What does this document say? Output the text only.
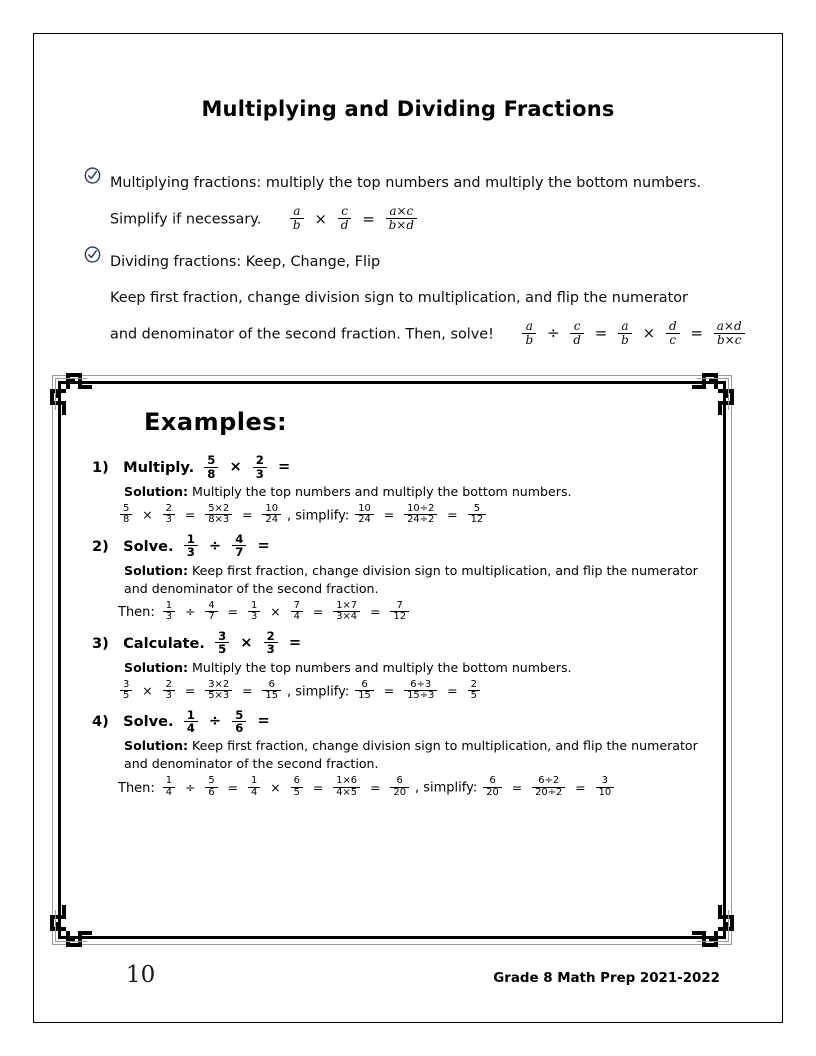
Multiplying and Dividing Fractions
Multiplying fractions: multiply the top numbers and multiply the bottom numbers.
Simplify if necessary. $\frac{a}{b} \times \frac{c}{d} = \frac{a\times c}{b\times d}$
Dividing fractions: Keep, Change, Flip
Keep first fraction, change division sign to multiplication, and flip the numerator
and denominator of the second fraction. Then, solve! $\frac{a}{b} \div \frac{c}{d} = \frac{a}{b} \times \frac{d}{c} = \frac{a\times d}{b\times c}$
Examples:
1) Multiply. $\frac{5}{8} \times \frac{2}{3}$ =
Solution: Multiply the top numbers and multiply the bottom numbers.
$\frac{5}{8} \times \frac{2}{3} = \frac{5\times 2}{8\times 3} = \frac{10}{24}$ , simplify: $\frac{10}{24} = \frac{10\div 2}{24\div 2} = \frac{5}{12}$
2) Solve. $\frac{1}{3} \div \frac{4}{7}$ =
Solution: Keep first fraction, change division sign to multiplication, and flip the numerator
and denominator of the second fraction.
Then: $\frac{1}{3} \div \frac{4}{7} = \frac{1}{3} \times \frac{7}{4} = \frac{1\times 7}{3\times 4} = \frac{7}{12}$
3) Calculate. $\frac{3}{5} \times \frac{2}{3}$ =
Solution: Multiply the top numbers and multiply the bottom numbers.
$\frac{3}{5} \times \frac{2}{3} = \frac{3\times 2}{5\times 3} = \frac{6}{15}$ , simplify: $\frac{6}{15} = \frac{6\div 3}{15\div 3} = \frac{2}{5}$
4) Solve. $\frac{1}{4} \div \frac{5}{6}$ =
Solution: Keep first fraction, change division sign to multiplication, and flip the numerator
and denominator of the second fraction.
Then: $\frac{1}{4} \div \frac{5}{6} = \frac{1}{4} \times \frac{6}{5} = \frac{1\times 6}{4\times 5} = \frac{6}{20}$ , simplify: $\frac{6}{20} = \frac{6\div 2}{20\div 2} = \frac{3}{10}$
10	Grade 8 Math Prep 2021-2022
